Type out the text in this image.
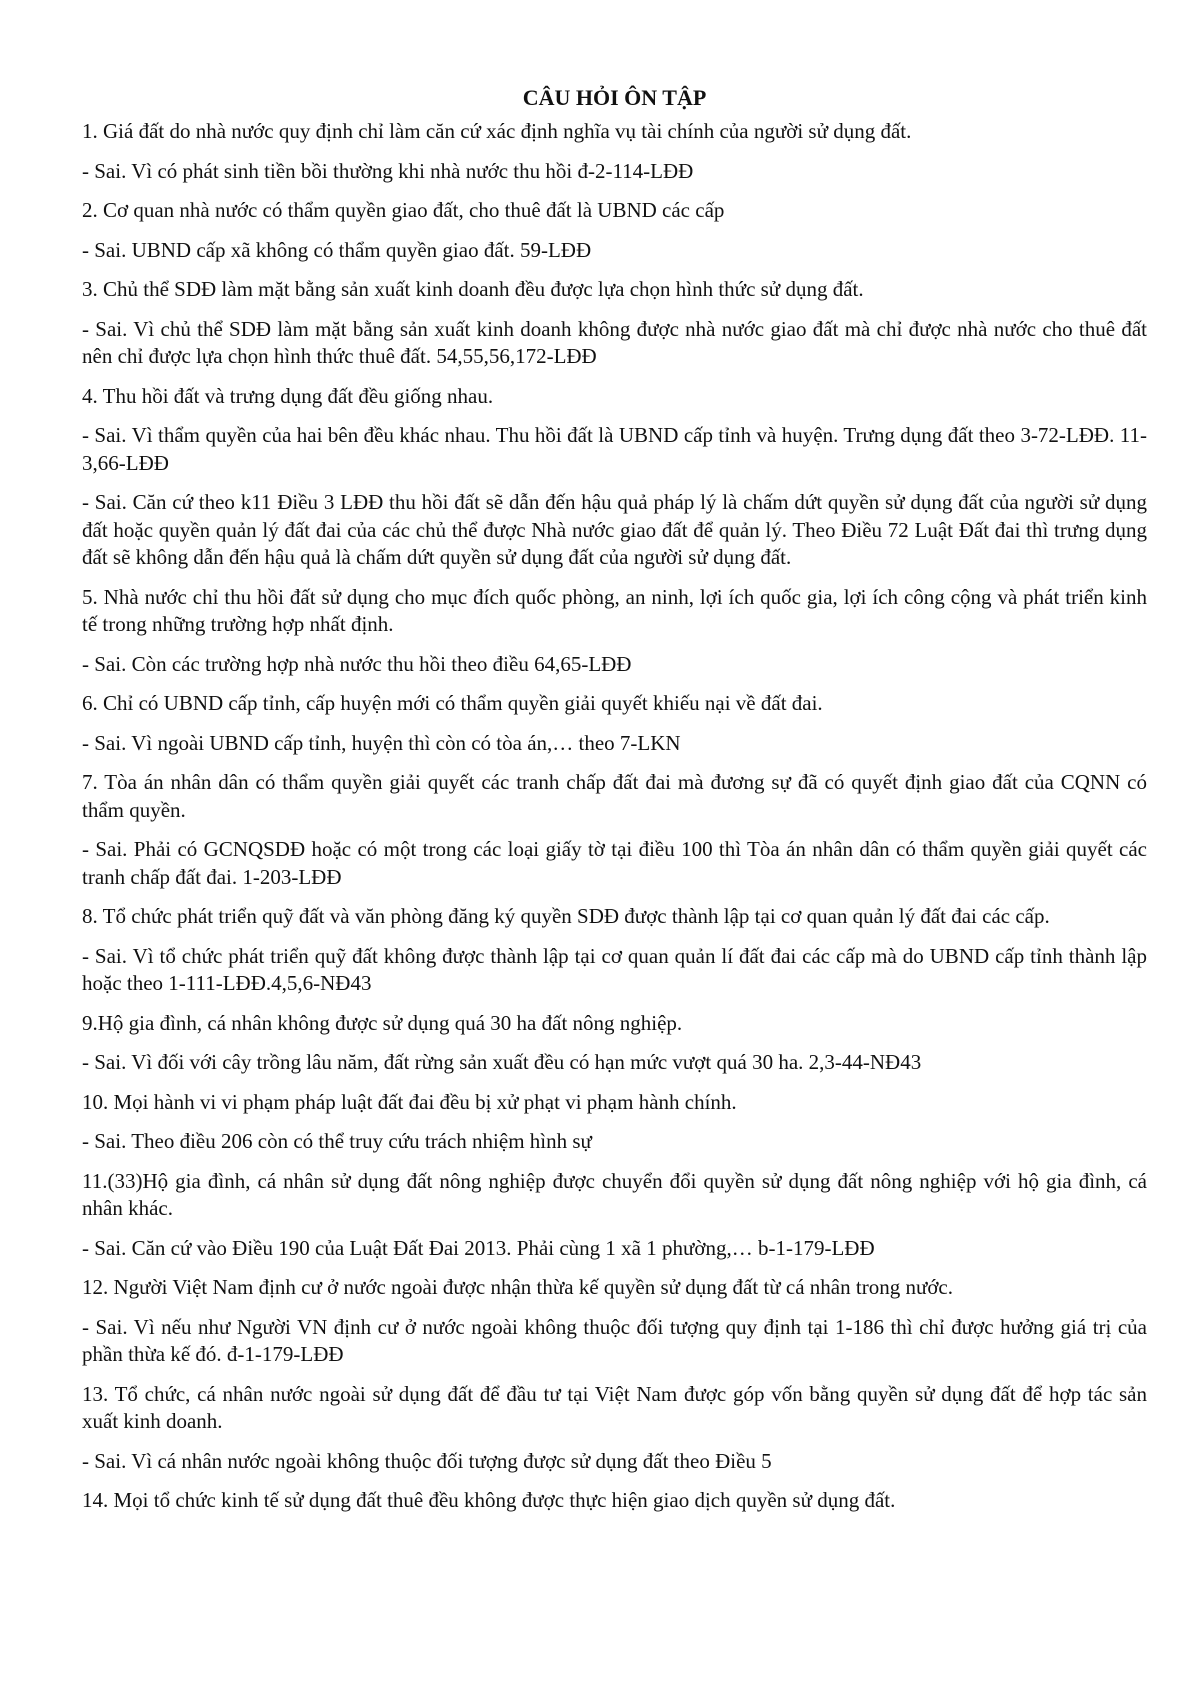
CÂU HỎI ÔN TẬP

1. Giá đất do nhà nước quy định chỉ làm căn cứ xác định nghĩa vụ tài chính của người sử dụng đất.

- Sai. Vì có phát sinh tiền bồi thường khi nhà nước thu hồi đ-2-114-LĐĐ

2. Cơ quan nhà nước có thẩm quyền giao đất, cho thuê đất là UBND các cấp

- Sai. UBND cấp xã không có thẩm quyền giao đất. 59-LĐĐ

3. Chủ thể SDĐ làm mặt bằng sản xuất kinh doanh đều được lựa chọn hình thức sử dụng đất.

- Sai. Vì chủ thể SDĐ làm mặt bằng sản xuất kinh doanh không được nhà nước giao đất mà chỉ được nhà nước cho thuê đất nên chỉ được lựa chọn hình thức thuê đất. 54,55,56,172-LĐĐ

4. Thu hồi đất và trưng dụng đất đều giống nhau.

- Sai. Vì thẩm quyền của hai bên đều khác nhau. Thu hồi đất là UBND cấp tỉnh và huyện. Trưng dụng đất theo 3-72-LĐĐ. 11-3,66-LĐĐ

- Sai. Căn cứ theo k11 Điều 3 LĐĐ thu hồi đất sẽ dẫn đến hậu quả pháp lý là chấm dứt quyền sử dụng đất của người sử dụng đất hoặc quyền quản lý đất đai của các chủ thể được Nhà nước giao đất để quản lý. Theo Điều 72 Luật Đất đai thì trưng dụng đất sẽ không dẫn đến hậu quả là chấm dứt quyền sử dụng đất của người sử dụng đất.

5. Nhà nước chỉ thu hồi đất sử dụng cho mục đích quốc phòng, an ninh, lợi ích quốc gia, lợi ích công cộng và phát triển kinh tế trong những trường hợp nhất định.

- Sai. Còn các trường hợp nhà nước thu hồi theo điều 64,65-LĐĐ

6. Chỉ có UBND cấp tỉnh, cấp huyện mới có thẩm quyền giải quyết khiếu nại về đất đai.

- Sai. Vì ngoài UBND cấp tỉnh, huyện thì còn có tòa án,… theo 7-LKN

7. Tòa án nhân dân có thẩm quyền giải quyết các tranh chấp đất đai mà đương sự đã có quyết định giao đất của CQNN có thẩm quyền.

- Sai. Phải có GCNQSDĐ hoặc có một trong các loại giấy tờ tại điều 100 thì Tòa án nhân dân có thẩm quyền giải quyết các tranh chấp đất đai. 1-203-LĐĐ

8. Tổ chức phát triển quỹ đất và văn phòng đăng ký quyền SDĐ được thành lập tại cơ quan quản lý đất đai các cấp.

- Sai. Vì tổ chức phát triển quỹ đất không được thành lập tại cơ quan quản lí đất đai các cấp mà do UBND cấp tỉnh thành lập hoặc theo 1-111-LĐĐ.4,5,6-NĐ43

9.Hộ gia đình, cá nhân không được sử dụng quá 30 ha đất nông nghiệp.

- Sai. Vì đối với cây trồng lâu năm, đất rừng sản xuất đều có hạn mức vượt quá 30 ha. 2,3-44-NĐ43

10. Mọi hành vi vi phạm pháp luật đất đai đều bị xử phạt vi phạm hành chính.

- Sai. Theo điều 206 còn có thể truy cứu trách nhiệm hình sự

11.(33)Hộ gia đình, cá nhân sử dụng đất nông nghiệp được chuyển đổi quyền sử dụng đất nông nghiệp với hộ gia đình, cá nhân khác.

- Sai. Căn cứ vào Điều 190 của Luật Đất Đai 2013. Phải cùng 1 xã 1 phường,… b-1-179-LĐĐ

12. Người Việt Nam định cư ở nước ngoài được nhận thừa kế quyền sử dụng đất từ cá nhân trong nước.

- Sai. Vì nếu như Người VN định cư ở nước ngoài không thuộc đối tượng quy định tại 1-186 thì chỉ được hưởng giá trị của phần thừa kế đó. đ-1-179-LĐĐ

13. Tổ chức, cá nhân nước ngoài sử dụng đất để đầu tư tại Việt Nam được góp vốn bằng quyền sử dụng đất để hợp tác sản xuất kinh doanh.

- Sai. Vì cá nhân nước ngoài không thuộc đối tượng được sử dụng đất theo Điều 5

14. Mọi tổ chức kinh tế sử dụng đất thuê đều không được thực hiện giao dịch quyền sử dụng đất.
